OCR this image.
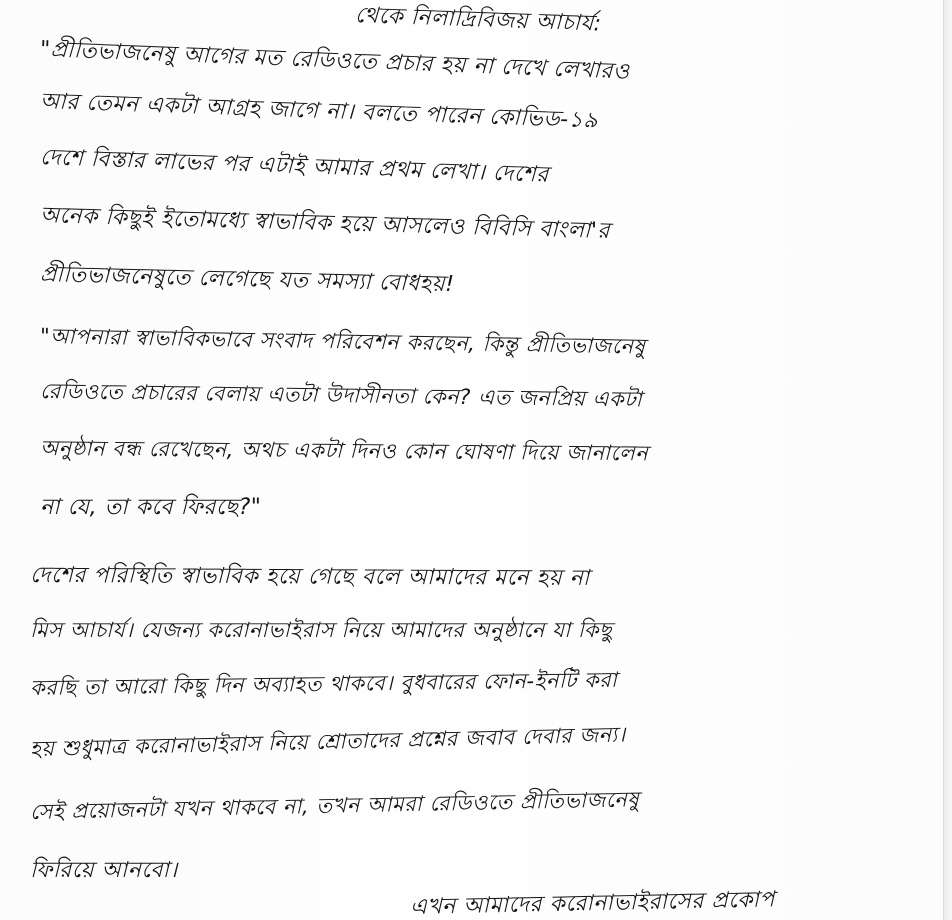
থেকে নিলাদ্রিবিজয় আচার্য:
"প্রীতিভাজনেষু আগের মত রেডিওতে প্রচার হয় না দেখে লেখারও
আর তেমন একটা আগ্রহ জাগে না। বলতে পারেন কোভিড-১৯
দেশে বিস্তার লাভের পর এটাই আমার প্রথম লেখা। দেশের
অনেক কিছুই ইতোমধ্যে স্বাভাবিক হয়ে আসলেও বিবিসি বাংলা'র
প্রীতিভাজনেষুতে লেগেছে যত সমস্যা বোধহয়!
"আপনারা স্বাভাবিকভাবে সংবাদ পরিবেশন করছেন, কিন্তু প্রীতিভাজনেষু
রেডিওতে প্রচারের বেলায় এতটা উদাসীনতা কেন? এত জনপ্রিয় একটা
অনুষ্ঠান বন্ধ রেখেছেন, অথচ একটা দিনও কোন ঘোষণা দিয়ে জানালেন
না যে, তা কবে ফিরছে?"
দেশের পরিস্থিতি স্বাভাবিক হয়ে গেছে বলে আমাদের মনে হয় না
মিস আচার্য। যেজন্য করোনাভাইরাস নিয়ে আমাদের অনুষ্ঠানে যা কিছু
করছি তা আরো কিছু দিন অব্যাহত থাকবে। বুধবারের ফোন-ইনটি করা
হয় শুধুমাত্র করোনাভাইরাস নিয়ে শ্রোতাদের প্রশ্নের জবাব দেবার জন্য।
সেই প্রয়োজনটা যখন থাকবে না, তখন আমরা রেডিওতে প্রীতিভাজনেষু
ফিরিয়ে আনবো।
এখন আমাদের করোনাভাইরাসের প্রকোপ
